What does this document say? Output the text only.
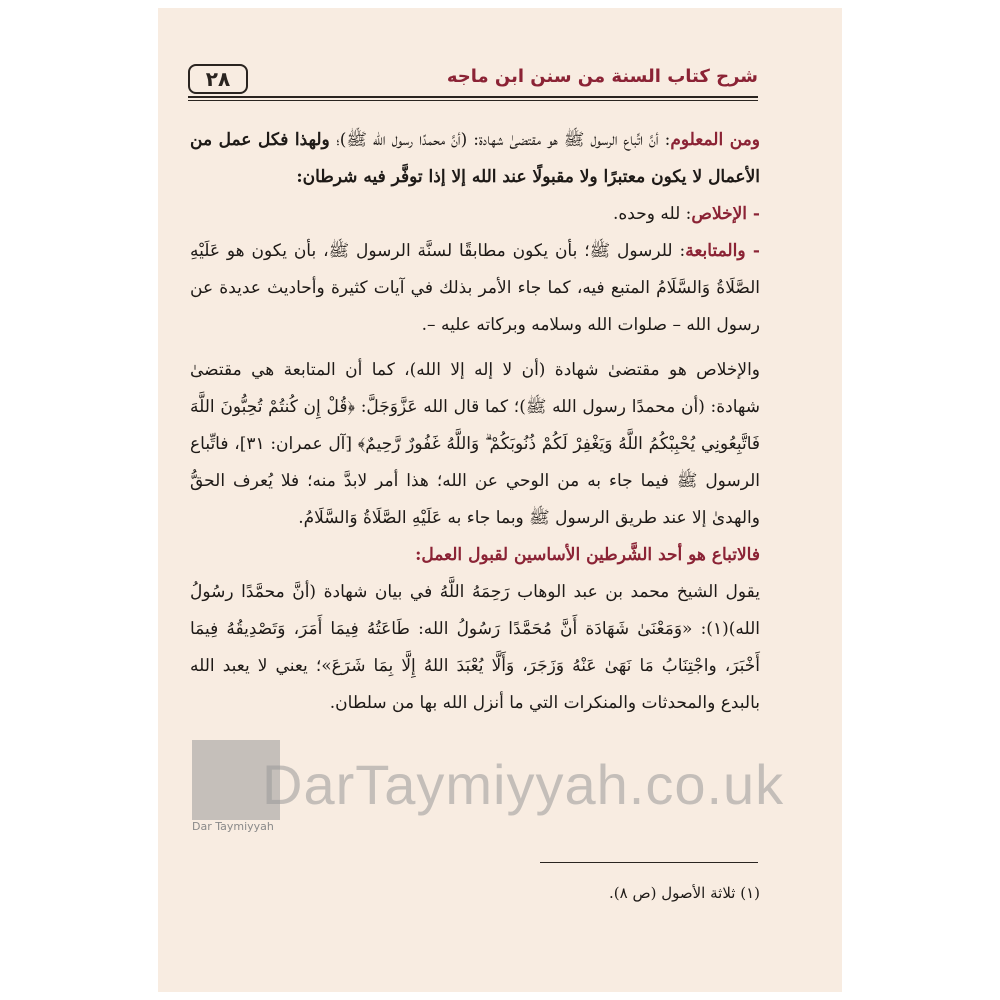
٢٨	شرح كتاب السنة من سنن ابن ماجه

ومن المعلوم: أنَّ اتِّباع الرسول ﷺ هو مقتضىٰ شهادة: (أنَّ محمدًا رسول الله ﷺ)؛ ولهذا فكل عمل من الأعمال لا يكون معتبرًا ولا مقبولًا عند الله إلا إذا توفَّر فيه شرطان:

- الإخلاص: لله وحده.

- والمتابعة: للرسول ﷺ؛ بأن يكون مطابقًا لسنَّة الرسول ﷺ، بأن يكون هو عَلَيْهِ الصَّلَاةُ وَالسَّلَامُ المتبع فيه، كما جاء الأمر بذلك في آيات كثيرة وأحاديث عديدة عن رسول الله – صلوات الله وسلامه وبركاته عليه –.

والإخلاص هو مقتضىٰ شهادة (أن لا إله إلا الله)، كما أن المتابعة هي مقتضىٰ شهادة: (أن محمدًا رسول الله ﷺ)؛ كما قال الله عَزَّوَجَلَّ: ﴿قُلْ إِن كُنتُمْ تُحِبُّونَ اللَّهَ فَاتَّبِعُونِي يُحْبِبْكُمُ اللَّهُ وَيَغْفِرْ لَكُمْ ذُنُوبَكُمْ ۗ وَاللَّهُ غَفُورٌ رَّحِيمٌ﴾ [آل عمران: ٣١]، فاتِّباع الرسول ﷺ فيما جاء به من الوحي عن الله؛ هذا أمر لابدَّ منه؛ فلا يُعرف الحقُّ والهدىٰ إلا عند طريق الرسول ﷺ وبما جاء به عَلَيْهِ الصَّلَاةُ وَالسَّلَامُ.

فالاتباع هو أحد الشَّرطين الأساسين لقبول العمل:

يقول الشيخ محمد بن عبد الوهاب رَحِمَهُ اللَّهُ في بيان شهادة (أنَّ محمَّدًا رسُولُ الله)(١): «وَمَعْنَىٰ شَهَادَة أَنَّ مُحَمَّدًا رَسُولُ الله: طَاعَتُهُ فِيمَا أَمَرَ، وَتَصْدِيقُهُ فِيمَا أَخْبَرَ، واجْتِنَابُ مَا نَهَىٰ عَنْهُ وَزَجَرَ، وَأَلَّا يُعْبَدَ اللهُ إِلَّا بِمَا شَرَعَ»؛ يعني لا يعبد الله بالبدع والمحدثات والمنكرات التي ما أنزل الله بها من سلطان.

(١) ثلاثة الأصول (ص ٨).
Dar Taymiyyah
DarTaymiyyah.co.uk
